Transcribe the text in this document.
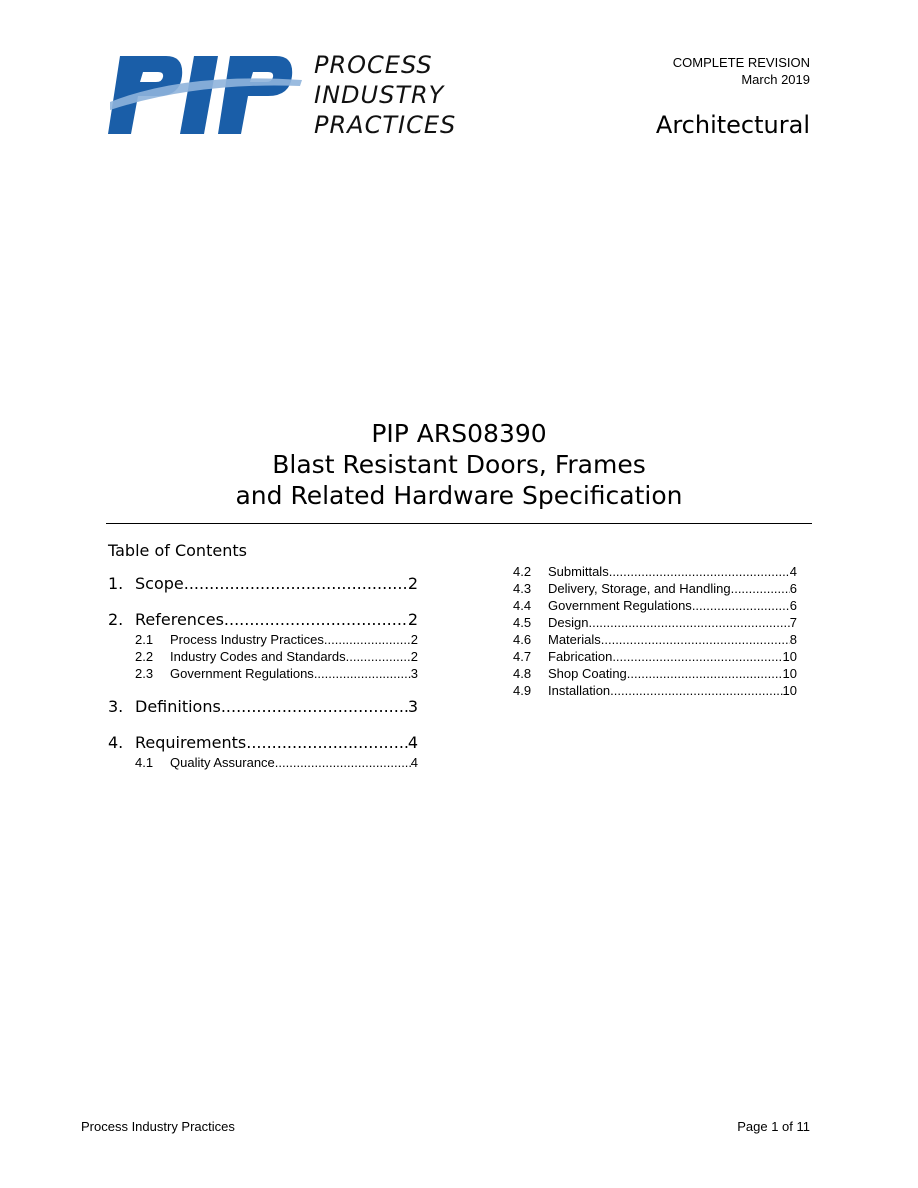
PROCESS
INDUSTRY
PRACTICES
COMPLETE REVISION
March 2019
Architectural
PIP ARS08390
Blast Resistant Doors, Frames
and Related Hardware Specification
Table of Contents
1. Scope .....	2
2. References .....	2
2.1	Process Industry Practices .....	2
2.2	Industry Codes and Standards .....	2
2.3	Government Regulations .....	3
3. Definitions .....	3
4. Requirements .....	4
4.1	Quality Assurance .....	4
4.2	Submittals .....	4
4.3	Delivery, Storage, and Handling .....	6
4.4	Government Regulations .....	6
4.5	Design .....	7
4.6	Materials .....	8
4.7	Fabrication .....	10
4.8	Shop Coating .....	10
4.9	Installation .....	10
Process Industry Practices	Page 1 of 11
